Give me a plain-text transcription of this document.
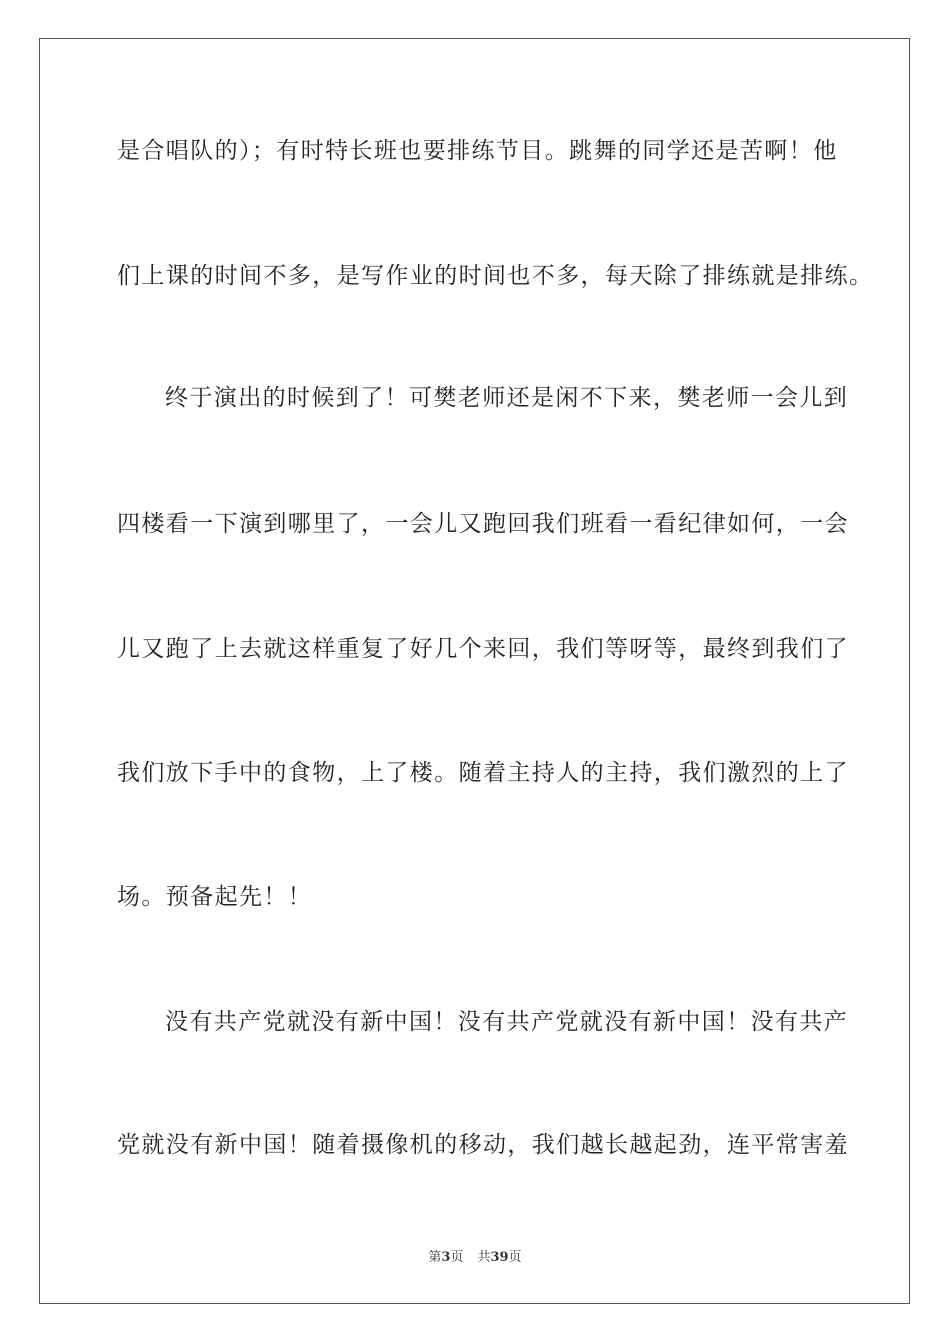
是合唱队的）；有时特长班也要排练节目。跳舞的同学还是苦啊！他
们上课的时间不多，是写作业的时间也不多，每天除了排练就是排练。
终于演出的时候到了！可樊老师还是闲不下来，樊老师一会儿到
四楼看一下演到哪里了，一会儿又跑回我们班看一看纪律如何，一会
儿又跑了上去就这样重复了好几个来回，我们等呀等，最终到我们了
我们放下手中的食物，上了楼。随着主持人的主持，我们激烈的上了
场。预备起先！！
没有共产党就没有新中国！没有共产党就没有新中国！没有共产
党就没有新中国！随着摄像机的移动，我们越长越起劲，连平常害羞
第3页 共39页
